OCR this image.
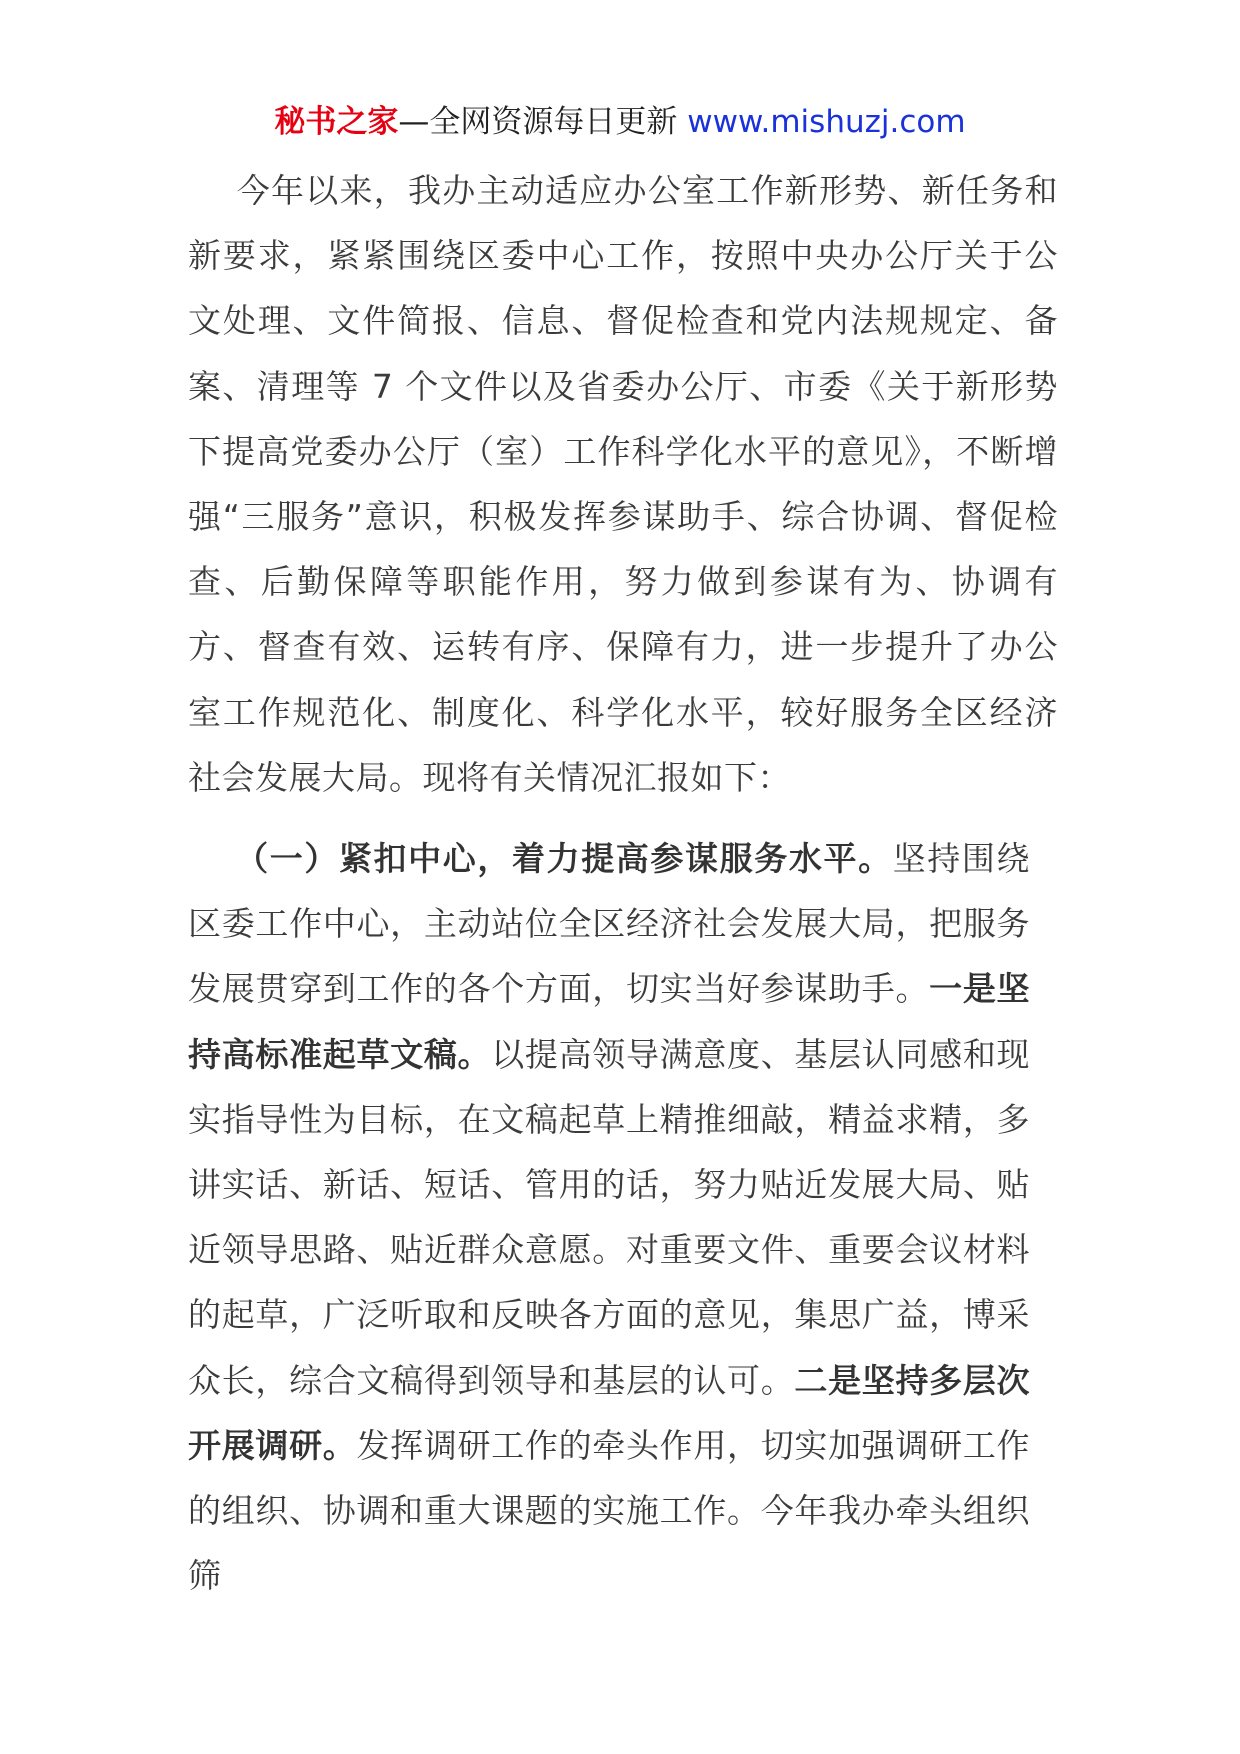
秘书之家—全网资源每日更新 www.mishuzj.com

今年以来，我办主动适应办公室工作新形势、新任务和新要求，紧紧围绕区委中心工作，按照中央办公厅关于公文处理、文件简报、信息、督促检查和党内法规规定、备案、清理等 7 个文件以及省委办公厅、市委《关于新形势下提高党委办公厅（室）工作科学化水平的意见》，不断增强“三服务”意识，积极发挥参谋助手、综合协调、督促检查、后勤保障等职能作用，努力做到参谋有为、协调有方、督查有效、运转有序、保障有力，进一步提升了办公室工作规范化、制度化、科学化水平，较好服务全区经济社会发展大局。现将有关情况汇报如下：

（一）紧扣中心，着力提高参谋服务水平。坚持围绕区委工作中心，主动站位全区经济社会发展大局，把服务发展贯穿到工作的各个方面，切实当好参谋助手。一是坚持高标准起草文稿。以提高领导满意度、基层认同感和现实指导性为目标，在文稿起草上精推细敲，精益求精，多讲实话、新话、短话、管用的话，努力贴近发展大局、贴近领导思路、贴近群众意愿。对重要文件、重要会议材料的起草，广泛听取和反映各方面的意见，集思广益，博采众长，综合文稿得到领导和基层的认可。二是坚持多层次开展调研。发挥调研工作的牵头作用，切实加强调研工作的组织、协调和重大课题的实施工作。今年我办牵头组织筛
